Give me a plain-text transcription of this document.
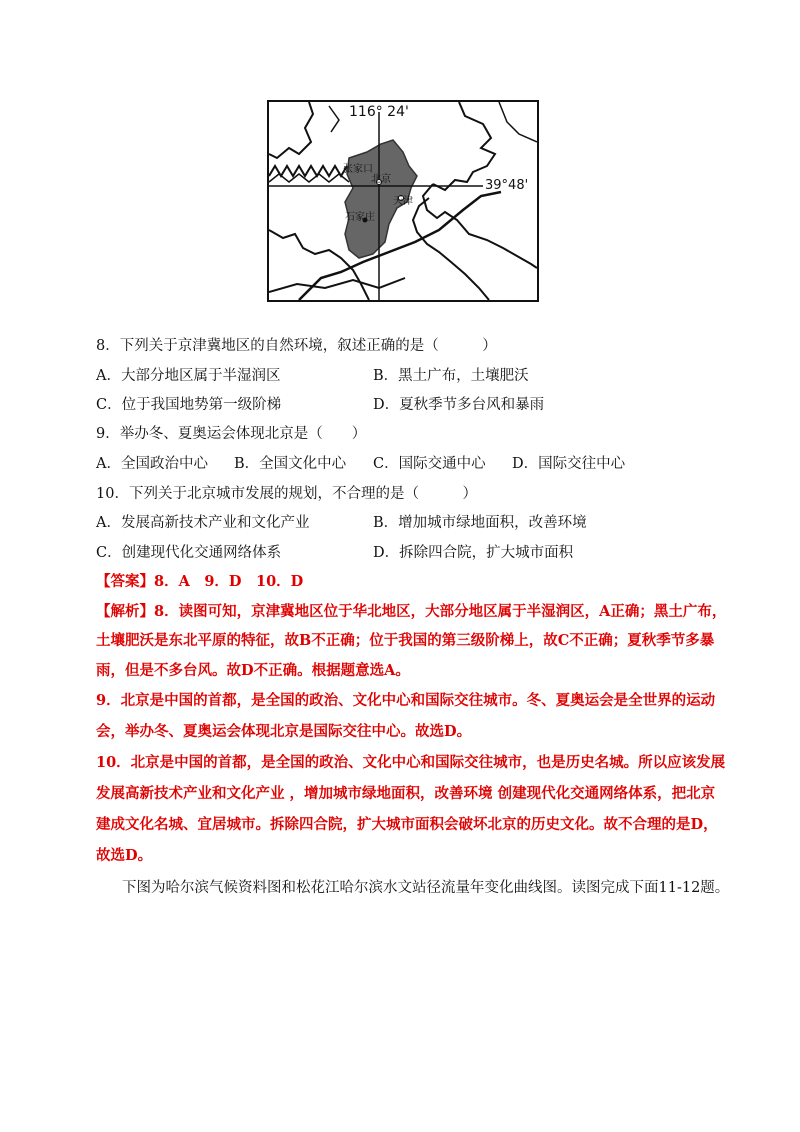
116° 24'
39°48'
张家口
北京
天津
石家庄
8．下列关于京津冀地区的自然环境，叙述正确的是（　　　）
A．大部分地区属于半湿润区	B．黑土广布，土壤肥沃
C．位于我国地势第一级阶梯	D．夏秋季节多台风和暴雨
9．举办冬、夏奥运会体现北京是（　　）
A．全国政治中心 B．全国文化中心 C．国际交通中心 D．国际交往中心
10．下列关于北京城市发展的规划，不合理的是（　　　）
A．发展高新技术产业和文化产业	B．增加城市绿地面积，改善环境
C．创建现代化交通网络体系	D．拆除四合院，扩大城市面积
【答案】8．A　9．D　10．D
【解析】8．读图可知，京津冀地区位于华北地区，大部分地区属于半湿润区，A正确；黑土广布，
土壤肥沃是东北平原的特征，故B不正确；位于我国的第三级阶梯上，故C不正确；夏秋季节多暴
雨，但是不多台风。故D不正确。根据题意选A。
9．北京是中国的首都，是全国的政治、文化中心和国际交往城市。冬、夏奥运会是全世界的运动
会，举办冬、夏奥运会体现北京是国际交往中心。故选D。
10．北京是中国的首都，是全国的政治、文化中心和国际交往城市，也是历史名城。所以应该发展
发展高新技术产业和文化产业 ，增加城市绿地面积，改善环境 创建现代化交通网络体系，把北京
建成文化名城、宜居城市。拆除四合院，扩大城市面积会破坏北京的历史文化。故不合理的是D，
故选D。
下图为哈尔滨气候资料图和松花江哈尔滨水文站径流量年变化曲线图。读图完成下面11-12题。
